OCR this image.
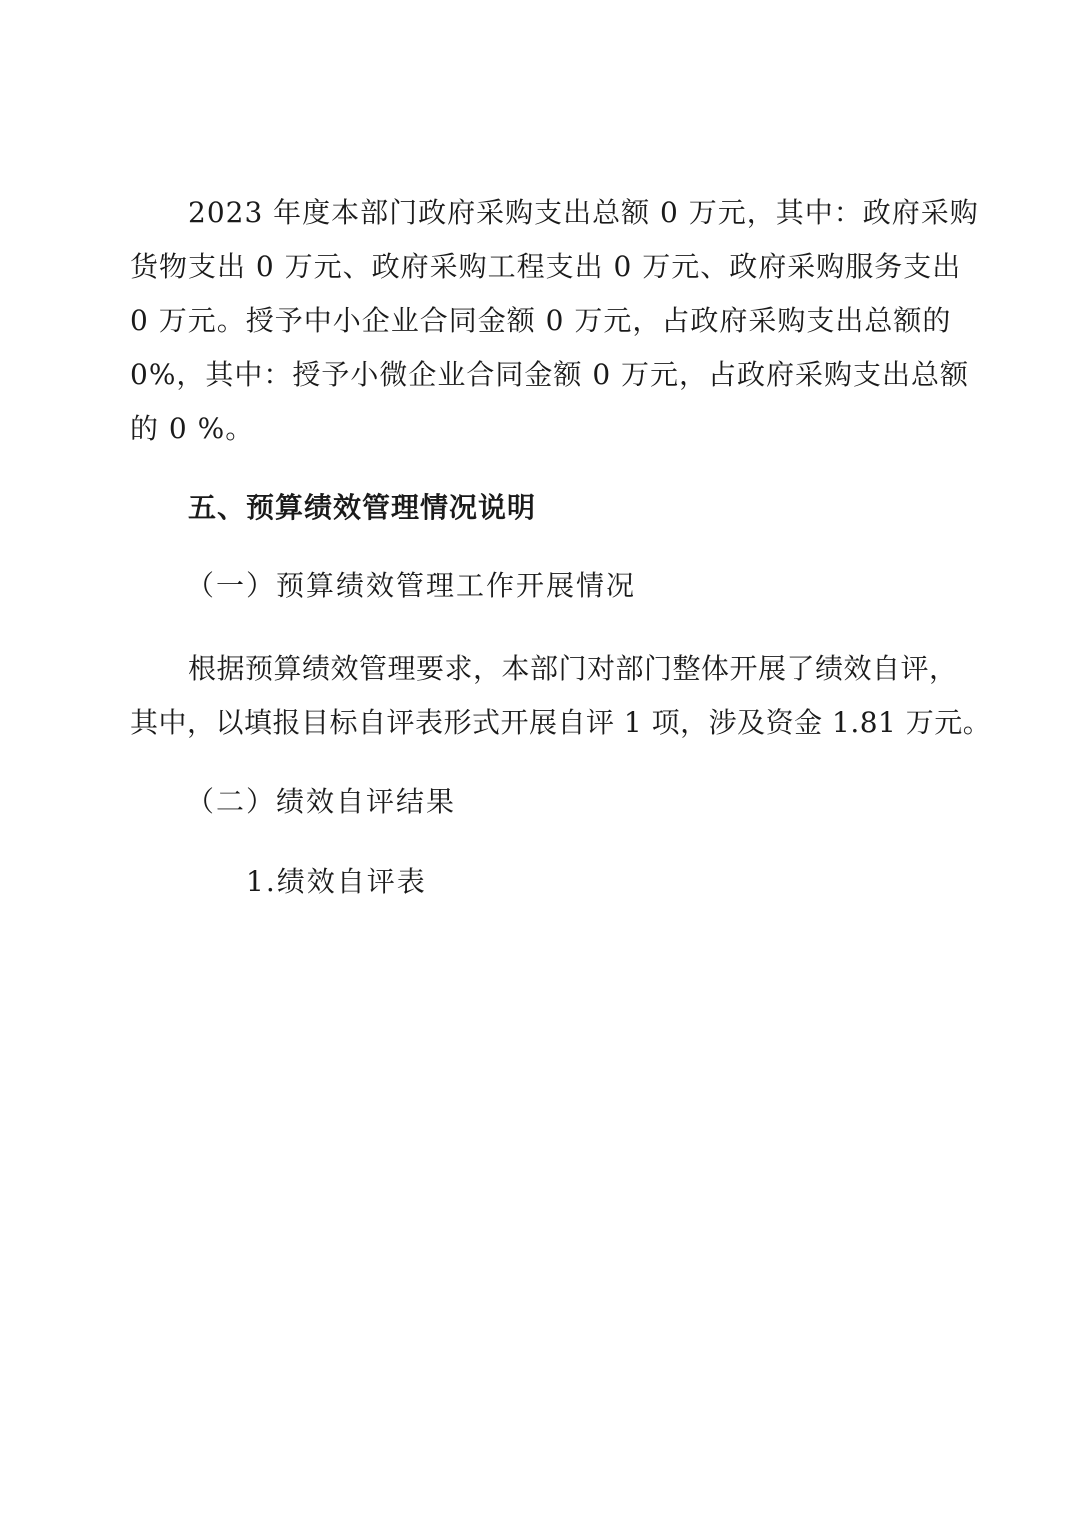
2023 年度本部门政府采购支出总额 0 万元，其中：政府采购
货物支出 0 万元、政府采购工程支出 0 万元、政府采购服务支出
0 万元。授予中小企业合同金额 0 万元，占政府采购支出总额的
0%，其中：授予小微企业合同金额 0 万元，占政府采购支出总额
的 0 %。
五、预算绩效管理情况说明
（一）预算绩效管理工作开展情况
根据预算绩效管理要求，本部门对部门整体开展了绩效自评，
其中，以填报目标自评表形式开展自评 1 项，涉及资金 1.81 万元。
（二）绩效自评结果
1.绩效自评表
